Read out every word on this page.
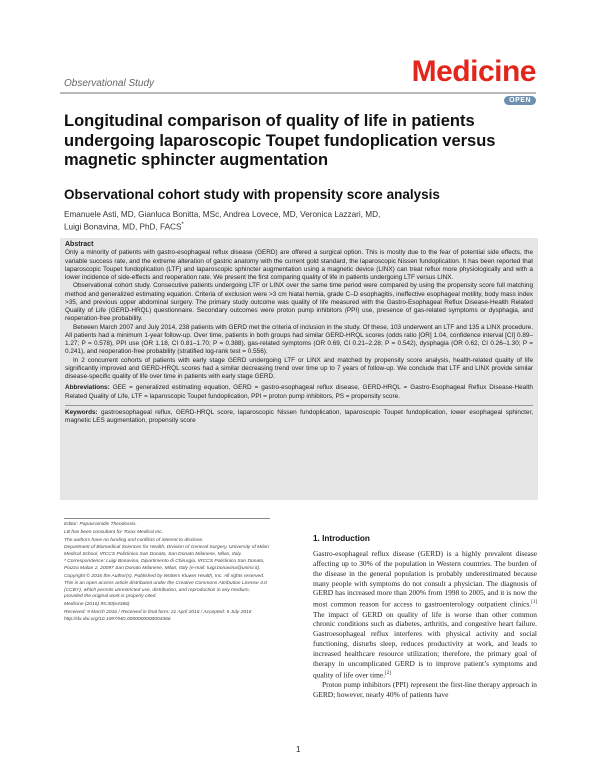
Observational Study	Medicine
OPEN
Longitudinal comparison of quality of life in patients undergoing laparoscopic Toupet fundoplication versus magnetic sphincter augmentation
Observational cohort study with propensity score analysis
Emanuele Asti, MD, Gianluca Bonitta, MSc, Andrea Lovece, MD, Veronica Lazzari, MD,
Luigi Bonavina, MD, PhD, FACS*

Abstract

Only a minority of patients with gastro-esophageal reflux disease (GERD) are offered a surgical option. This is mostly due to the fear of potential side effects, the variable success rate, and the extreme alteration of gastric anatomy with the current gold standard, the laparoscopic Nissen fundoplication. It has been reported that laparoscopic Toupet fundoplication (LTF) and laparoscopic sphincter augmentation using a magnetic device (LINX) can treat reflux more physiologically and with a lower incidence of side-effects and reoperation rate. We present the first comparing quality of life in patients undergoing LTF versus LINX.

Observational cohort study. Consecutive patients undergoing LTF or LINX over the same time period were compared by using the propensity score full matching method and generalized estimating equation. Criteria of exclusion were >3 cm hiatal hernia, grade C–D esophagitis, ineffective esophageal motility, body mass index >35, and previous upper abdominal surgery. The primary study outcome was quality of life measured with the Gastro-Esophageal Reflux Disease-Health Related Quality of Life (GERD-HRQL) questionnaire. Secondary outcomes were proton pump inhibitors (PPI) use, presence of gas-related symptoms or dysphagia, and reoperation-free probability.

Between March 2007 and July 2014, 238 patients with GERD met the criteria of inclusion in the study. Of these, 103 underwent an LTF and 135 a LINX procedure. All patients had a minimum 1-year follow-up. Over time, patients in both groups had similar GERD-HRQL scores (odds ratio [OR] 1.04, confidence interval [CI] 0.89–1.27; P = 0.578), PPI use (OR 1.18, CI 0.81–1.70; P = 0.388), gas-related symptoms (OR 0.69, CI 0.21–2.28; P = 0.542), dysphagia (OR 0.62, CI 0.26–1.30; P = 0.241), and reoperation-free probability (stratified log-rank test = 0.556).

In 2 concurrent cohorts of patients with early stage GERD undergoing LTF or LINX and matched by propensity score analysis, health-related quality of life significantly improved and GERD-HRQL scores had a similar decreasing trend over time up to 7 years of follow-up. We conclude that LTF and LINX provide similar disease-specific quality of life over time in patients with early stage GERD.

Abbreviations: GEE = generalized estimating equation, GERD = gastro-esophageal reflux disease, GERD-HRQL = Gastro-Esophageal Reflux Disease-Health Related Quality of Life, LTF = laparoscopic Toupet fundoplication, PPI = proton pump inhibitors, PS = propensity score.

Keywords: gastroesophageal reflux, GERD-HRQL score, laparoscopic Nissen fundoplication, laparoscopic Toupet fundoplication, lower esophageal sphincter, magnetic LES augmentation, propensity score

Editor: Papavramidis Theodossis.
LB has been consultant for Torax Medical Inc.
The authors have no funding and conflicts of interest to disclose.
Department of Biomedical Sciences for Health, Division of General Surgery, University of Milan Medical School, IRCCS Policlinico San Donato, San Donato Milanese, Milan, Italy.
* Correspondence: Luigi Bonavina, Dipartimento di Chirurgia, IRCCS Policlinico San Donato, Piazza Malan 2, 20097 San Donato Milanese, Milan, Italy (e-mail: luigi.bonavina@unimi.it).
Copyright © 2016 the Author(s). Published by Wolters Kluwer Health, Inc. All rights reserved.
This is an open access article distributed under the Creative Commons Attribution License 4.0 (CCBY), which permits unrestricted use, distribution, and reproduction in any medium, provided the original work is properly cited.
Medicine (2016) 95:30(e4366)
Received: 9 March 2016 / Received in final form: 21 April 2016 / Accepted: 5 July 2016
http://dx.doi.org/10.1097/MD.0000000000004366
1. Introduction

Gastro-esophageal reflux disease (GERD) is a highly prevalent disease affecting up to 30% of the population in Western countries. The burden of the disease in the general population is probably underestimated because many people with symptoms do not consult a physician. The diagnosis of GERD has increased more than 200% from 1998 to 2005, and it is now the most common reason for access to gastroenterology outpatient clinics.[1] The impact of GERD on quality of life is worse than other common chronic conditions such as diabetes, arthritis, and congestive heart failure. Gastroesophageal reflux interferes with physical activity and social functioning, disturbs sleep, reduces productivity at work, and leads to increased healthcare resource utilization; therefore, the primary goal of therapy in uncomplicated GERD is to improve patient’s symptoms and quality of life over time.[2]

Proton pump inhibitors (PPI) represent the first-line therapy approach in GERD; however, nearly 40% of patients have

1
